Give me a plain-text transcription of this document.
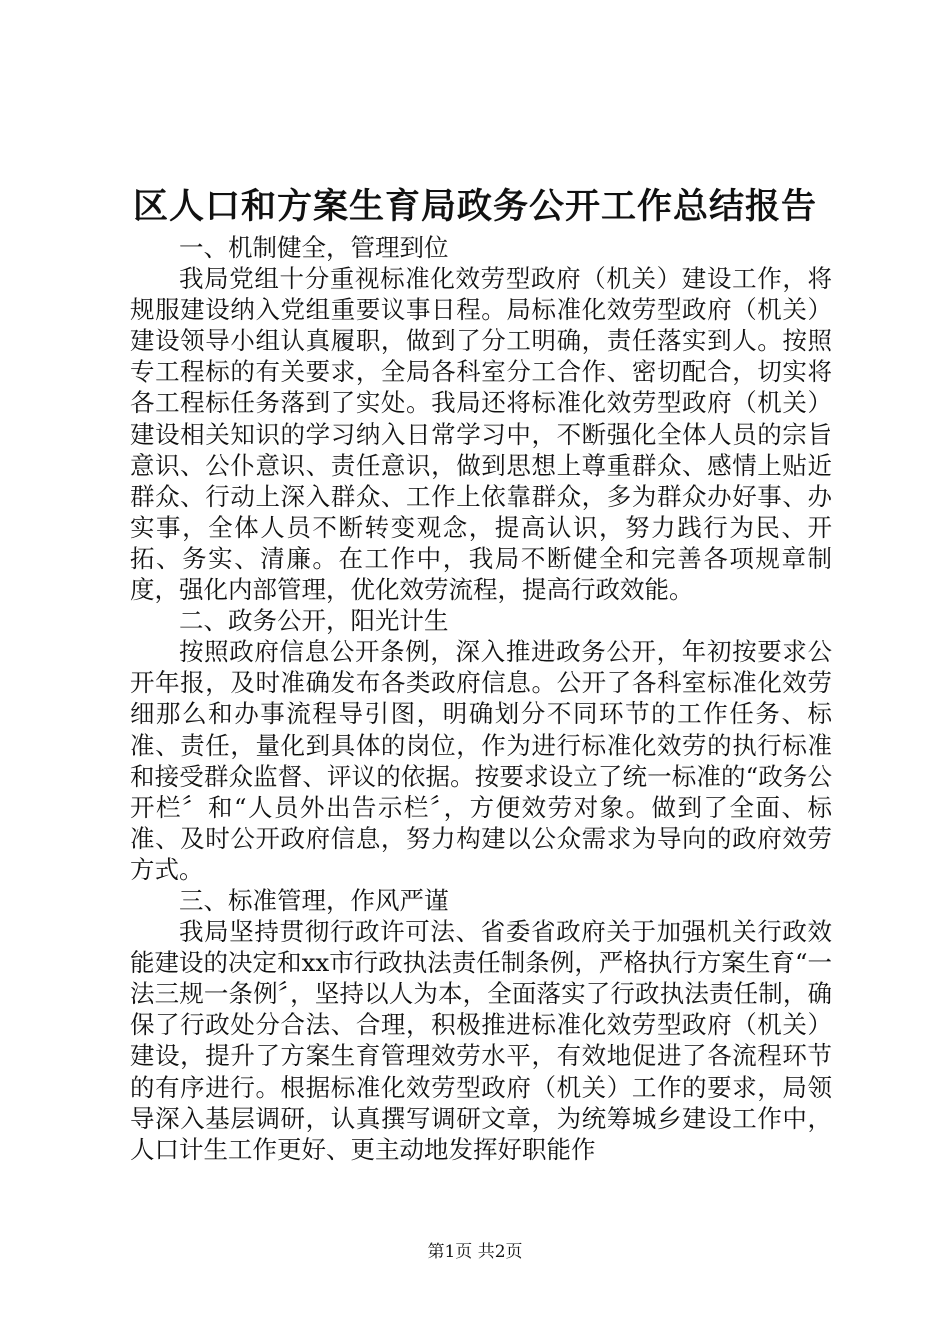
区人口和方案生育局政务公开工作总结报告

一、机制健全，管理到位

我局党组十分重视标准化效劳型政府（机关）建设工作，将规服建设纳入党组重要议事日程。局标准化效劳型政府（机关）建设领导小组认真履职，做到了分工明确，责任落实到人。按照专工程标的有关要求，全局各科室分工合作、密切配合，切实将各工程标任务落到了实处。我局还将标准化效劳型政府（机关）建设相关知识的学习纳入日常学习中，不断强化全体人员的宗旨意识、公仆意识、责任意识，做到思想上尊重群众、感情上贴近群众、行动上深入群众、工作上依靠群众，多为群众办好事、办实事，全体人员不断转变观念，提高认识，努力践行为民、开拓、务实、清廉。在工作中，我局不断健全和完善各项规章制度，强化内部管理，优化效劳流程，提高行政效能。

二、政务公开，阳光计生

按照政府信息公开条例，深入推进政务公开，年初按要求公开年报，及时准确发布各类政府信息。公开了各科室标准化效劳细那么和办事流程导引图，明确划分不同环节的工作任务、标准、责任，量化到具体的岗位，作为进行标准化效劳的执行标准和接受群众监督、评议的依据。按要求设立了统一标准的“政务公开栏〞和“人员外出告示栏〞，方便效劳对象。做到了全面、标准、及时公开政府信息，努力构建以公众需求为导向的政府效劳方式。

三、标准管理，作风严谨

我局坚持贯彻行政许可法、省委省政府关于加强机关行政效能建设的决定和xx市行政执法责任制条例，严格执行方案生育“一法三规一条例〞，坚持以人为本，全面落实了行政执法责任制，确保了行政处分合法、合理，积极推进标准化效劳型政府（机关）建设，提升了方案生育管理效劳水平，有效地促进了各流程环节的有序进行。根据标准化效劳型政府（机关）工作的要求，局领导深入基层调研，认真撰写调研文章，为统筹城乡建设工作中，人口计生工作更好、更主动地发挥好职能作

第1页 共2页
